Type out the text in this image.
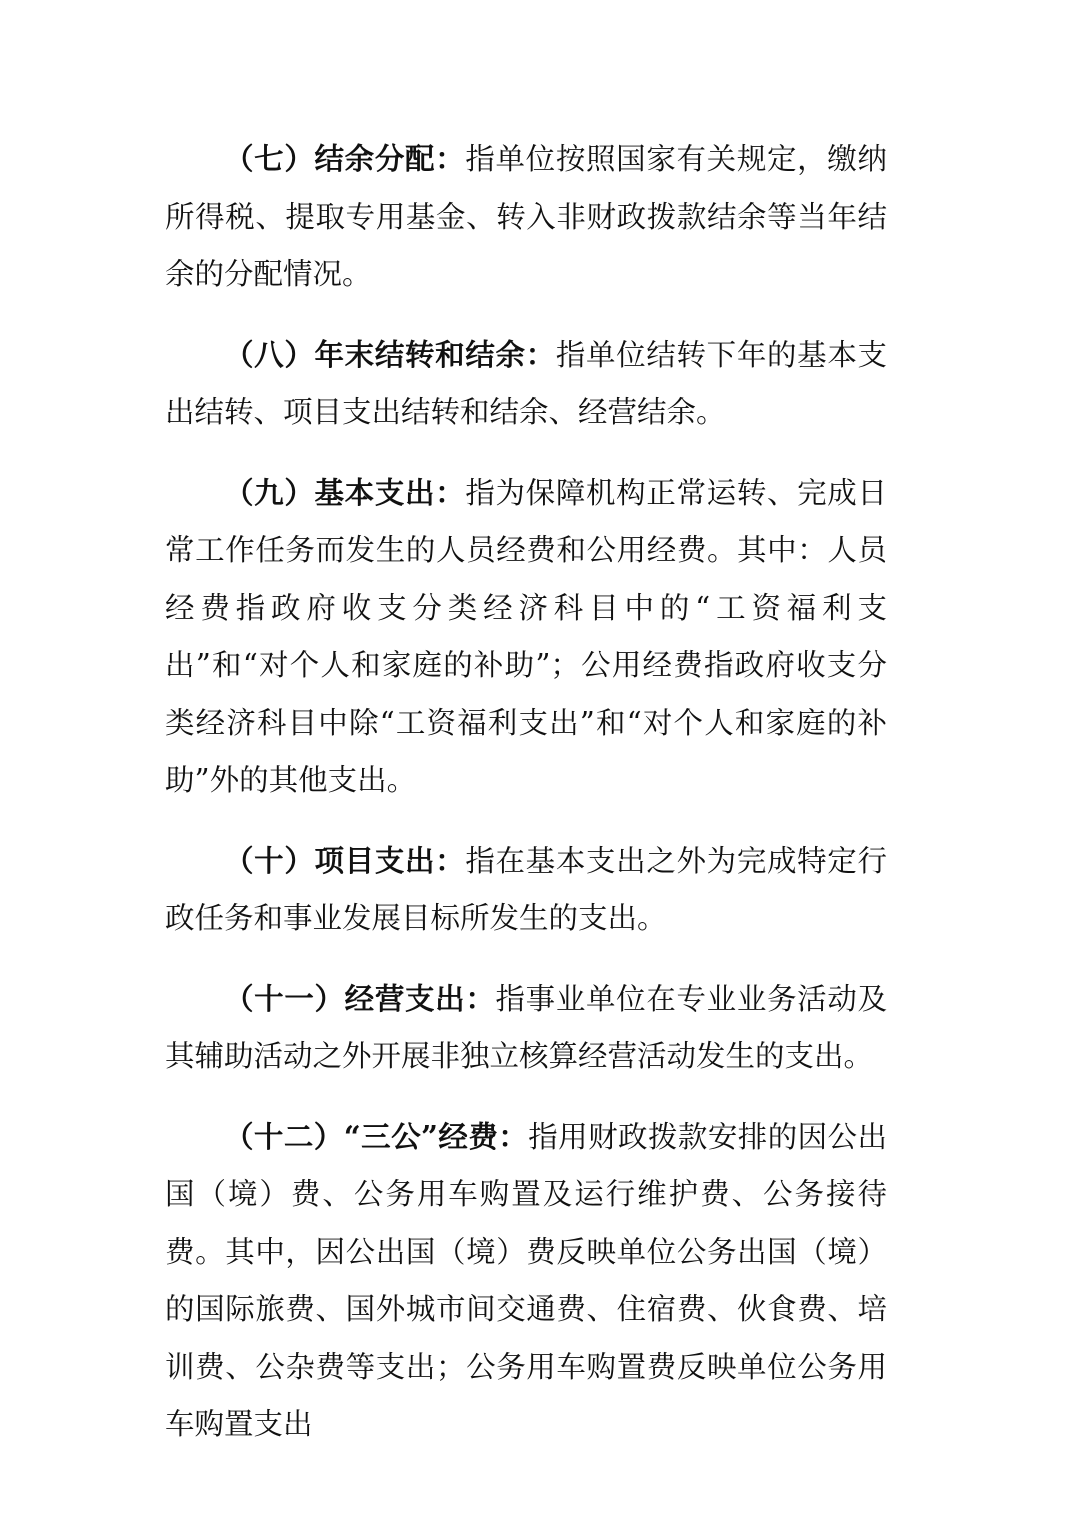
（七）结余分配：指单位按照国家有关规定，缴纳所得税、提取专用基金、转入非财政拨款结余等当年结余的分配情况。

（八）年末结转和结余：指单位结转下年的基本支出结转、项目支出结转和结余、经营结余。

（九）基本支出：指为保障机构正常运转、完成日常工作任务而发生的人员经费和公用经费。其中：人员经费指政府收支分类经济科目中的“工资福利支出”和“对个人和家庭的补助”；公用经费指政府收支分类经济科目中除“工资福利支出”和“对个人和家庭的补助”外的其他支出。

（十）项目支出：指在基本支出之外为完成特定行政任务和事业发展目标所发生的支出。

（十一）经营支出：指事业单位在专业业务活动及其辅助活动之外开展非独立核算经营活动发生的支出。

（十二）“三公”经费：指用财政拨款安排的因公出国（境）费、公务用车购置及运行维护费、公务接待费。其中，因公出国（境）费反映单位公务出国（境）的国际旅费、国外城市间交通费、住宿费、伙食费、培训费、公杂费等支出；公务用车购置费反映单位公务用车购置支出
